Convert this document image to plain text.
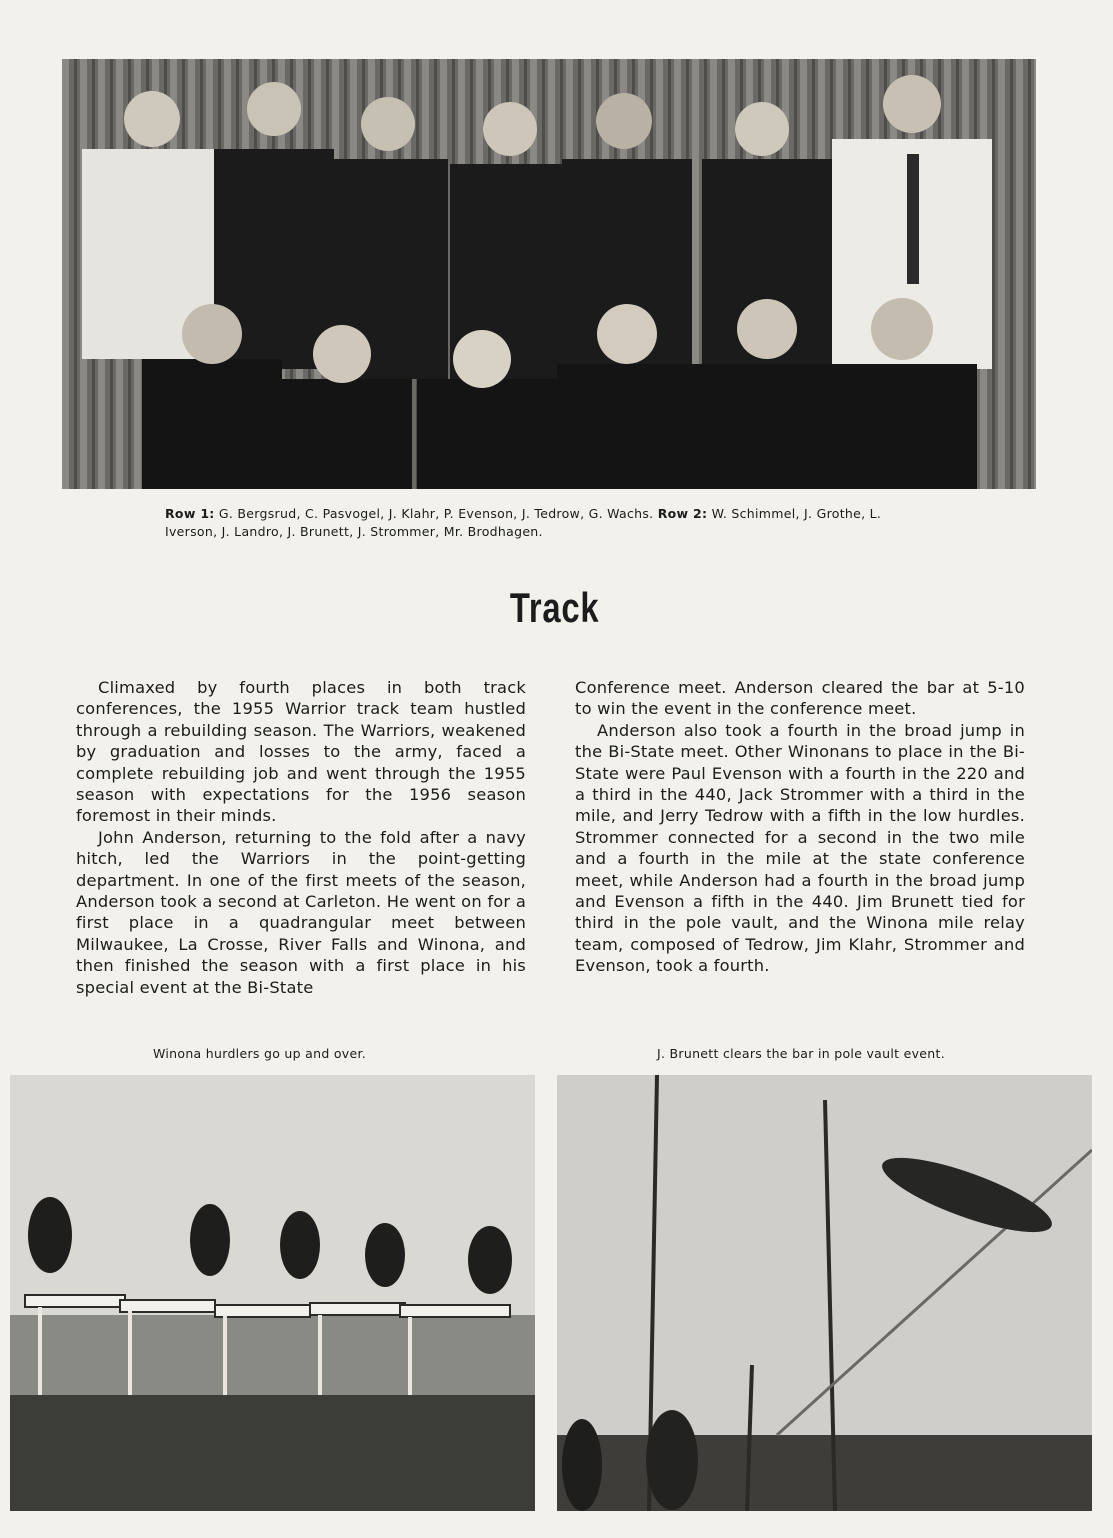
Row 1: G. Bergsrud, C. Pasvogel, J. Klahr, P. Evenson, J. Tedrow, G. Wachs. Row 2: W. Schimmel, J. Grothe, L. Iverson, J. Landro, J. Brunett, J. Strommer, Mr. Brodhagen.
Track

Climaxed by fourth places in both track conferences, the 1955 Warrior track team hustled through a rebuilding season. The Warriors, weakened by graduation and losses to the army, faced a complete rebuilding job and went through the 1955 season with expectations for the 1956 season foremost in their minds.

John Anderson, returning to the fold after a navy hitch, led the Warriors in the point-getting department. In one of the first meets of the season, Anderson took a second at Carleton. He went on for a first place in a quadrangular meet between Milwaukee, La Crosse, River Falls and Winona, and then finished the season with a first place in his special event at the Bi-State

Conference meet. Anderson cleared the bar at 5-10 to win the event in the conference meet.

Anderson also took a fourth in the broad jump in the Bi-State meet. Other Winonans to place in the Bi-State were Paul Evenson with a fourth in the 220 and a third in the 440, Jack Strommer with a third in the mile, and Jerry Tedrow with a fifth in the low hurdles. Strommer connected for a second in the two mile and a fourth in the mile at the state conference meet, while Anderson had a fourth in the broad jump and Evenson a fifth in the 440. Jim Brunett tied for third in the pole vault, and the Winona mile relay team, composed of Tedrow, Jim Klahr, Strommer and Evenson, took a fourth.

Winona hurdlers go up and over.	J. Brunett clears the bar in pole vault event.
